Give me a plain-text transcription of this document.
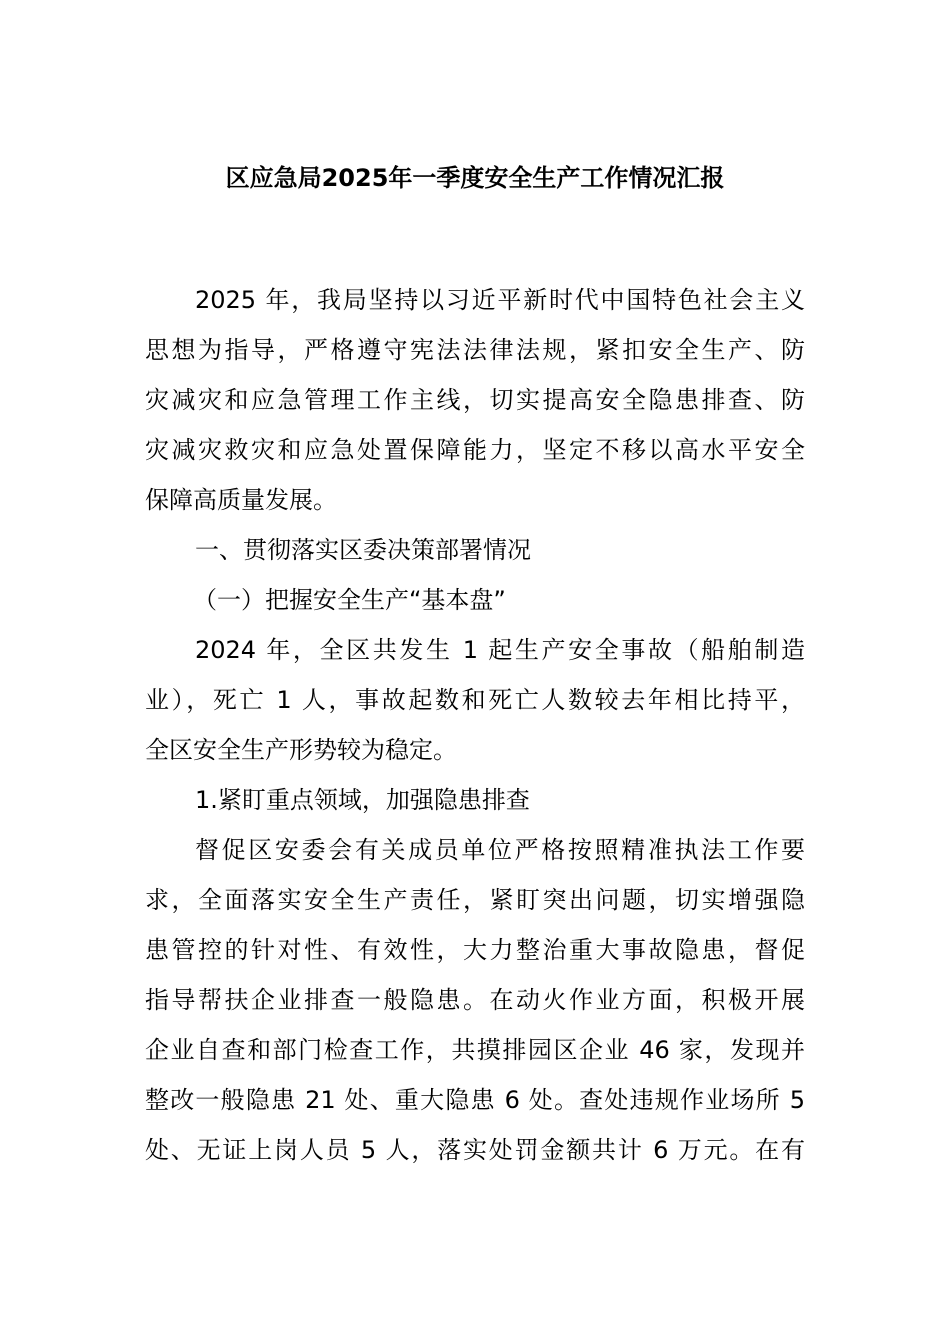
区应急局2025年一季度安全生产工作情况汇报
2025 年，我局坚持以习近平新时代中国特色社会主义
思想为指导，严格遵守宪法法律法规，紧扣安全生产、防
灾减灾和应急管理工作主线，切实提高安全隐患排查、防
灾减灾救灾和应急处置保障能力，坚定不移以高水平安全
保障高质量发展。
一、贯彻落实区委决策部署情况
（一）把握安全生产“基本盘”
2024 年，全区共发生 1 起生产安全事故（船舶制造
业），死亡 1 人，事故起数和死亡人数较去年相比持平，
全区安全生产形势较为稳定。
1.紧盯重点领域，加强隐患排查
督促区安委会有关成员单位严格按照精准执法工作要
求，全面落实安全生产责任，紧盯突出问题，切实增强隐
患管控的针对性、有效性，大力整治重大事故隐患，督促
指导帮扶企业排查一般隐患。在动火作业方面，积极开展
企业自查和部门检查工作，共摸排园区企业 46 家，发现并
整改一般隐患 21 处、重大隐患 6 处。查处违规作业场所 5
处、无证上岗人员 5 人，落实处罚金额共计 6 万元。在有
